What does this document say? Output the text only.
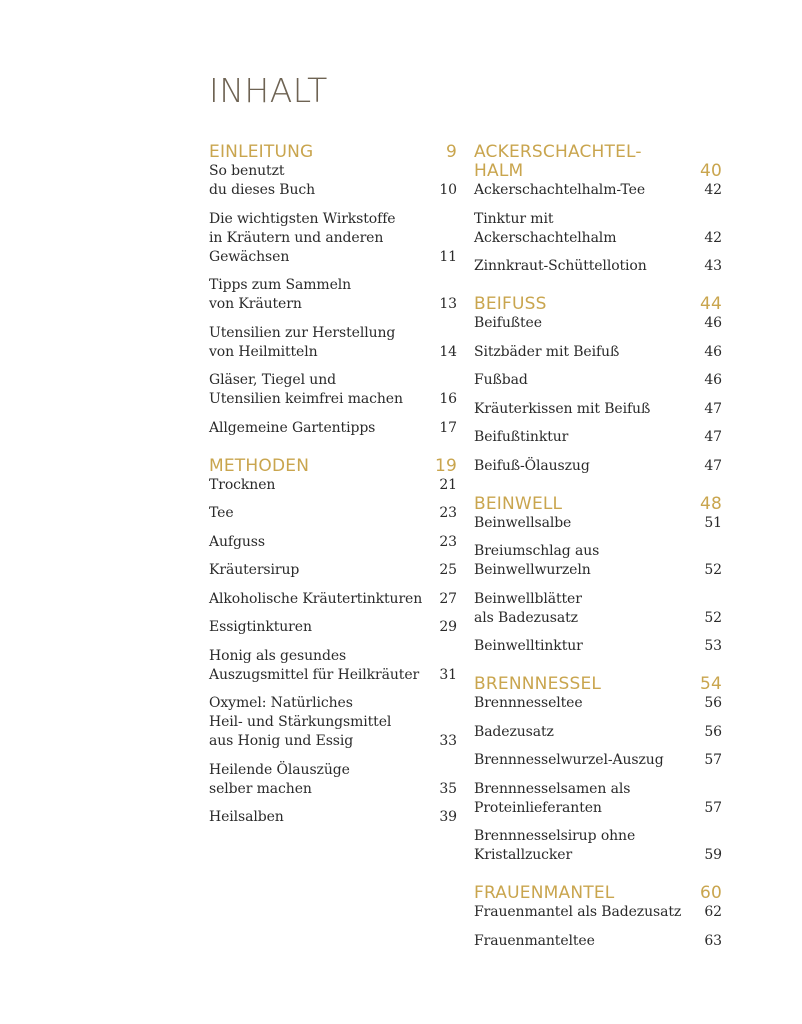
INHALT
EINLEITUNG	9
So benutzt
du dieses Buch	10
Die wichtigsten Wirkstoffe
in Kräutern und anderen
Gewächsen	11
Tipps zum Sammeln
von Kräutern	13
Utensilien zur Herstellung
von Heilmitteln	14
Gläser, Tiegel und
Utensilien keimfrei machen	16
Allgemeine Gartentipps	17
METHODEN	19
Trocknen	21
Tee	23
Aufguss	23
Kräutersirup	25
Alkoholische Kräutertinkturen	27
Essigtinkturen	29
Honig als gesundes
Auszugsmittel für Heilkräuter	31
Oxymel: Natürliches
Heil- und Stärkungsmittel
aus Honig und Essig	33
Heilende Ölauszüge
selber machen	35
Heilsalben	39
ACKERSCHACHTEL-
HALM	40
Ackerschachtelhalm-Tee	42
Tinktur mit Ackerschachtelhalm	42
Zinnkraut-Schüttellotion	43
BEIFUSS	44
Beifußtee	46
Sitzbäder mit Beifuß	46
Fußbad	46
Kräuterkissen mit Beifuß	47
Beifußtinktur	47
Beifuß-Ölauszug	47
BEINWELL	48
Beinwellsalbe	51
Breiumschlag aus
Beinwellwurzeln	52
Beinwellblätter
als Badezusatz	52
Beinwelltinktur	53
BRENNNESSEL	54
Brennnesseltee	56
Badezusatz	56
Brennnesselwurzel-Auszug	57
Brennnesselsamen als
Proteinlieferanten	57
Brennnesselsirup ohne
Kristallzucker	59
FRAUENMANTEL	60
Frauenmantel als Badezusatz	62
Frauenmanteltee	63
